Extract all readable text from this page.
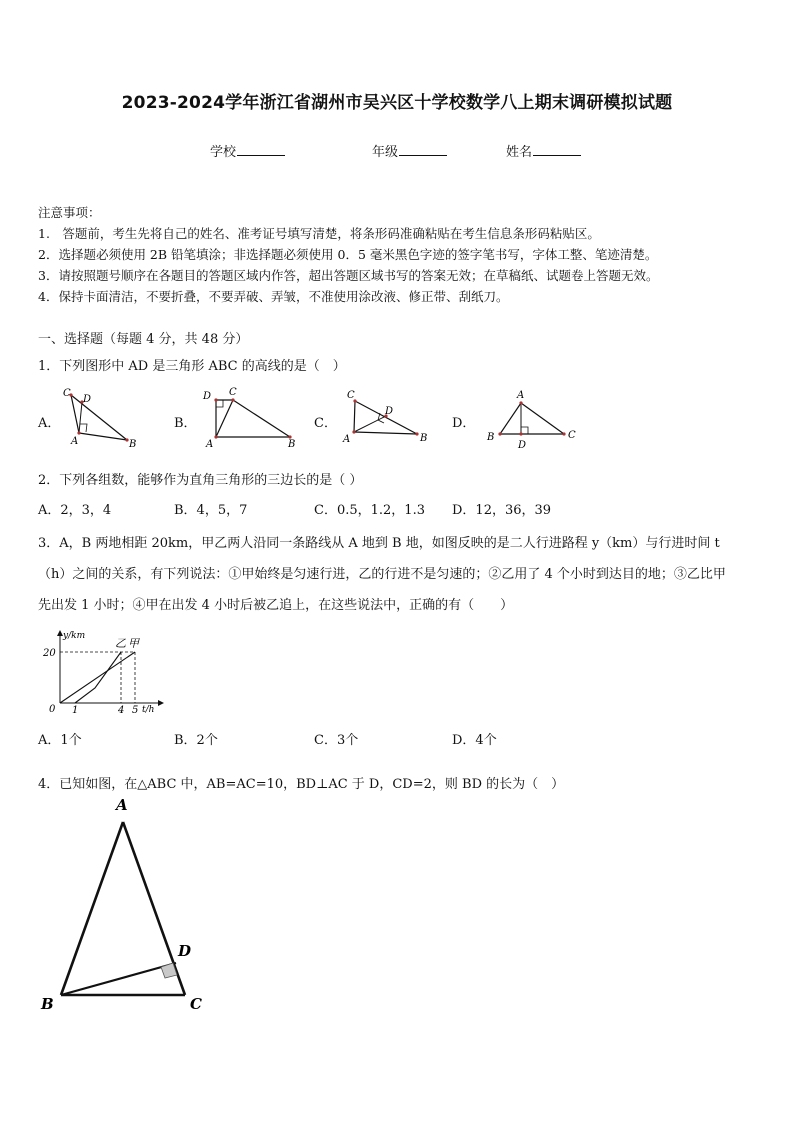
2023-2024学年浙江省湖州市吴兴区十学校数学八上期末调研模拟试题
学校	年级	姓名
注意事项：
1.　答题前，考生先将自己的姓名、准考证号填写清楚，将条形码准确粘贴在考生信息条形码粘贴区。
2．选择题必须使用 2B 铅笔填涂；非选择题必须使用 0．5 毫米黑色字迹的签字笔书写，字体工整、笔迹清楚。
3．请按照题号顺序在各题目的答题区域内作答，超出答题区域书写的答案无效；在草稿纸、试题卷上答题无效。
4．保持卡面清洁，不要折叠，不要弄破、弄皱，不准使用涂改液、修正带、刮纸刀。
一、选择题（每题 4 分，共 48 分）
1．下列图形中 AD 是三角形 ABC 的高线的是（　）
A．
C
D
A	B
B．
D C
A	B
C．
C
D
A	B
D．
A
B
D
C
2．下列各组数，能够作为直角三角形的三边长的是（ ）
A．2，3，4	B．4，5，7	C．0.5，1.2，1.3 D．12，36，39
3．A，B 两地相距 20km，甲乙两人沿同一条路线从 A 地到 B 地，如图反映的是二人行进路程 y（km）与行进时间 t
（h）之间的关系，有下列说法：①甲始终是匀速行进，乙的行进不是匀速的；②乙用了 4 个小时到达目的地；③乙比甲
先出发 1 小时；④甲在出发 4 小时后被乙追上，在这些说法中，正确的有（　　）
y/km
t/h
0
20
1	4 5
乙 甲
A．1个	B．2个	C．3个	D．4个
4．已知如图，在△ABC 中，AB=AC=10，BD⊥AC 于 D，CD=2，则 BD 的长为（　）
A
B	C
D
